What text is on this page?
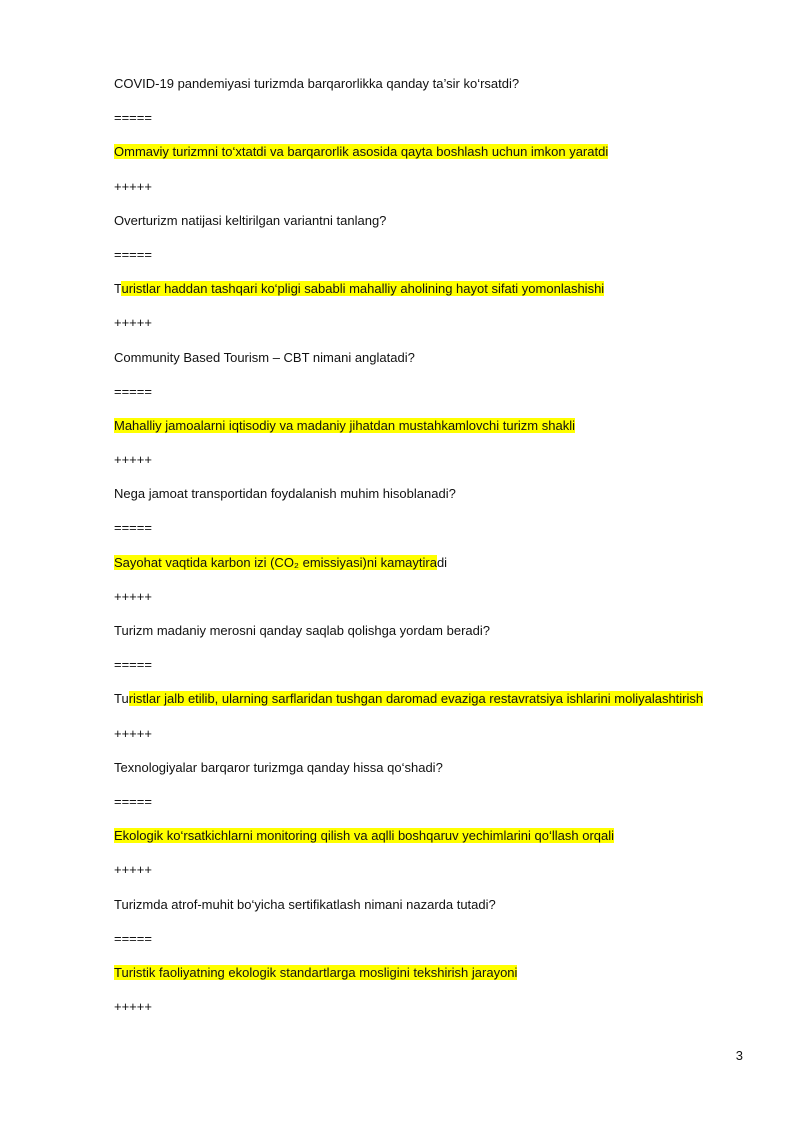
COVID-19 pandemiyasi turizmda barqarorlikka qanday ta’sir ko‘rsatdi?
=====
Ommaviy turizmni to‘xtatdi va barqarorlik asosida qayta boshlash uchun imkon yaratdi
+++++
Overturizm natijasi keltirilgan variantni tanlang?
=====
Turistlar haddan tashqari ko‘pligi sababli mahalliy aholining hayot sifati yomonlashishi
+++++
Community Based Tourism – CBT nimani anglatadi?
=====
Mahalliy jamoalarni iqtisodiy va madaniy jihatdan mustahkamlovchi turizm shakli
+++++
Nega jamoat transportidan foydalanish muhim hisoblanadi?
=====
Sayohat vaqtida karbon izi (CO₂ emissiyasi)ni kamaytiradi
+++++
Turizm madaniy merosni qanday saqlab qolishga yordam beradi?
=====
Turistlar jalb etilib, ularning sarflaridan tushgan daromad evaziga restavratsiya ishlarini moliyalashtirish
+++++
Texnologiyalar barqaror turizmga qanday hissa qo‘shadi?
=====
Ekologik ko‘rsatkichlarni monitoring qilish va aqlli boshqaruv yechimlarini qo‘llash orqali
+++++
Turizmda atrof-muhit bo‘yicha sertifikatlash nimani nazarda tutadi?
=====
Turistik faoliyatning ekologik standartlarga mosligini tekshirish jarayoni
+++++
3
